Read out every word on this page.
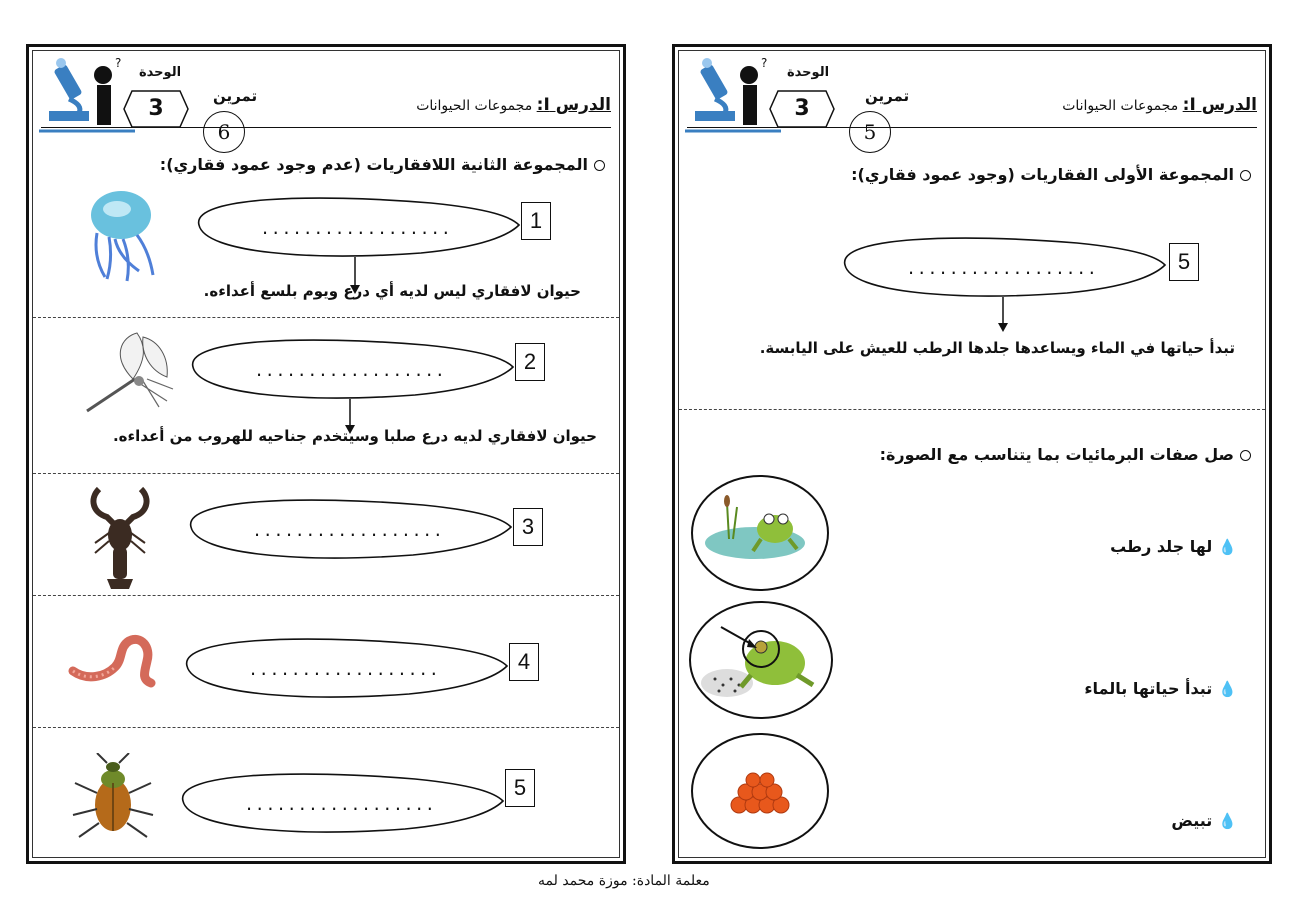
?
الوحدة
3	تمرين
6
الدرس I: مجموعات الحيوانات
المجموعة الثانية اللافقاريات (عدم وجود عمود فقاري):
..................	1
حيوان لافقاري ليس لديه أي درع ويوم بلسع أعداءه.
..................	2
حيوان لافقاري لديه درع صلبا وسيتخدم جناحيه للهروب من أعداءه.
..................	3
..................	4
..................
5
?
الوحدة
3	تمرين
5
الدرس I: مجموعات الحيوانات
المجموعة الأولى الفقاريات (وجود عمود فقاري):
..................	5
تبدأ حياتها في الماء ويساعدها جلدها الرطب للعيش على اليابسة.
صل صفات البرمائيات بما يتناسب مع الصورة:
💧لها جلد رطب
💧تبدأ حياتها بالماء
💧تبيض
معلمة المادة: موزة محمد لمه
